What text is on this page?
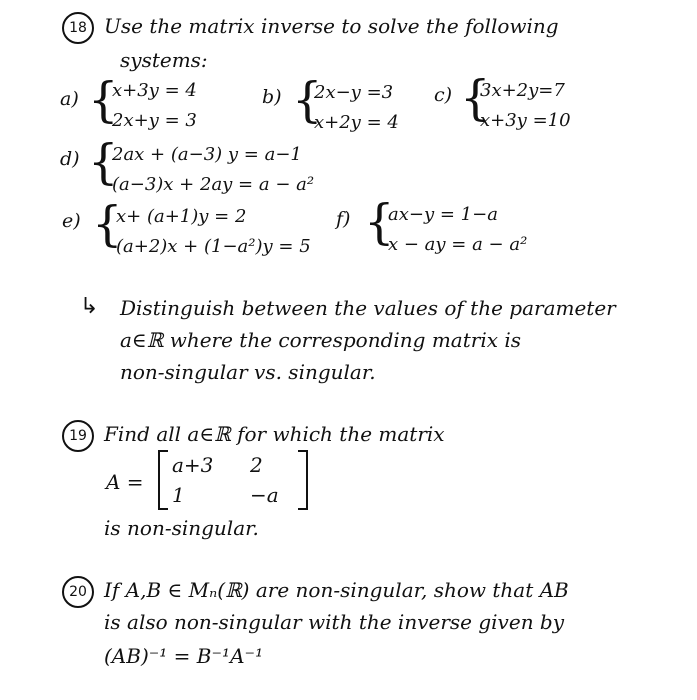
18 Use the matrix inverse to solve the following
systems:
a) {
x+3y = 4
2x+y = 3
b) {
2x−y =3
x+2y = 4
c) {
3x+2y=7
x+3y =10
d) {
2ax + (a−3) y = a−1
(a−3)x + 2ay = a − a²
e) {
x+ (a+1)y = 2
(a+2)x + (1−a²)y = 5
f) {
ax−y = 1−a
x − ay = a − a²
↳ Distinguish between the values of the parameter
a∈ℝ where the corresponding matrix is
non-singular vs. singular.
19 Find all a∈ℝ for which the matrix
A =
a+3 2
1	−a
is non-singular.
20 If A,B ∈ Mₙ(ℝ) are non-singular, show that AB
is also non-singular with the inverse given by
(AB)⁻¹ = B⁻¹A⁻¹
